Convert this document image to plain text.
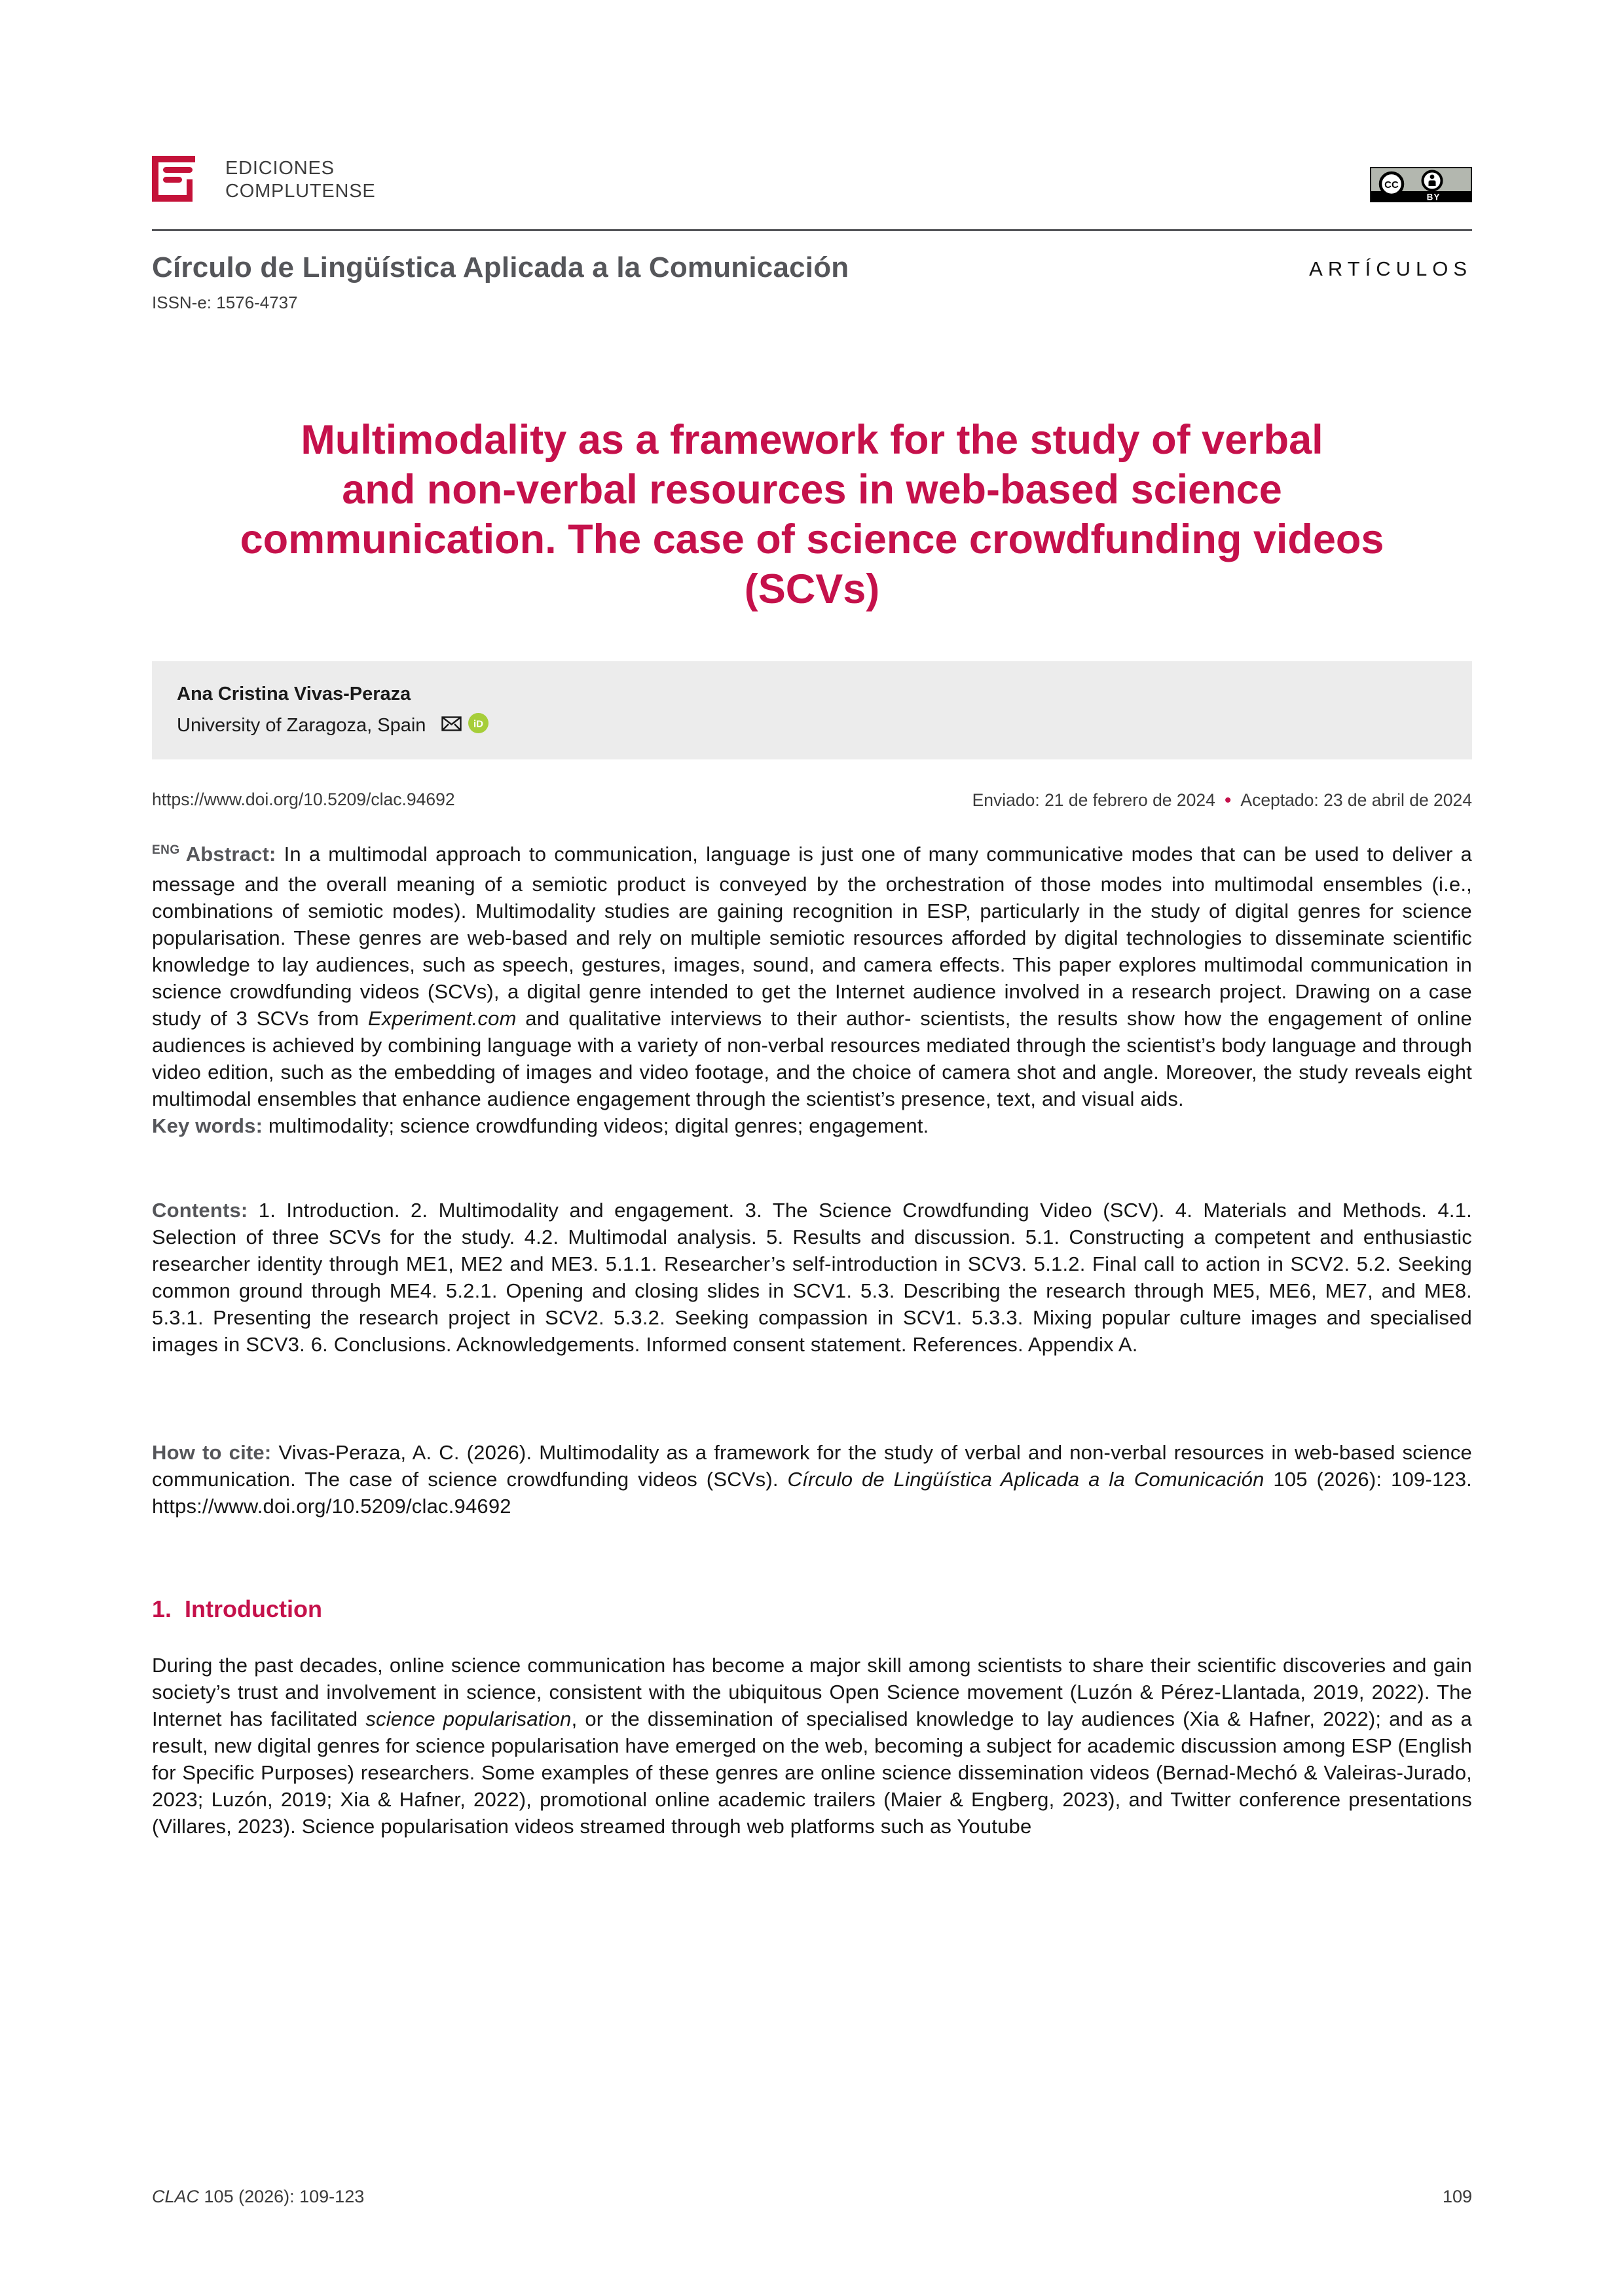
EDICIONES
COMPLUTENSE	CC
BY
Círculo de Lingüística Aplicada a la Comunicación
ISSN-e: 1576-4737
ARTÍCULOS
Multimodality as a framework for the study of verbal
and non-verbal resources in web-based science
communication. The case of science crowdfunding videos
(SCVs)
Ana Cristina Vivas-Peraza
University of Zaragoza, Spain	iD
https://www.doi.org/10.5209/clac.94692	Enviado: 21 de febrero de 2024 • Aceptado: 23 de abril de 2024
$^{ENG}$ Abstract: In a multimodal approach to communication, language is just one of many communicative modes that can be used to deliver a message and the overall meaning of a semiotic product is conveyed by the orchestration of those modes into multimodal ensembles (i.e., combinations of semiotic modes). Multimodality studies are gaining recognition in ESP, particularly in the study of digital genres for science popularisation. These genres are web-based and rely on multiple semiotic resources afforded by digital technologies to disseminate scientific knowledge to lay audiences, such as speech, gestures, images, sound, and camera effects. This paper explores multimodal communication in science crowdfunding videos (SCVs), a digital genre intended to get the Internet audience involved in a research project. Drawing on a case study of 3 SCVs from Experiment.com and qualitative interviews to their author- scientists, the results show how the engagement of online audiences is achieved by combining language with a variety of non-verbal resources mediated through the scientist’s body language and through video edition, such as the embedding of images and video footage, and the choice of camera shot and angle. Moreover, the study reveals eight multimodal ensembles that enhance audience engagement through the scientist’s presence, text, and visual aids.
Key words: multimodality; science crowdfunding videos; digital genres; engagement.
Contents: 1. Introduction. 2. Multimodality and engagement. 3. The Science Crowdfunding Video (SCV). 4. Materials and Methods. 4.1. Selection of three SCVs for the study. 4.2. Multimodal analysis. 5. Results and discussion. 5.1. Constructing a competent and enthusiastic researcher identity through ME1, ME2 and ME3. 5.1.1. Researcher’s self-introduction in SCV3. 5.1.2. Final call to action in SCV2. 5.2. Seeking common ground through ME4. 5.2.1. Opening and closing slides in SCV1. 5.3. Describing the research through ME5, ME6, ME7, and ME8. 5.3.1. Presenting the research project in SCV2. 5.3.2. Seeking compassion in SCV1. 5.3.3. Mixing popular culture images and specialised images in SCV3. 6. Conclusions. Acknowledgements. Informed consent statement. References. Appendix A.
How to cite: Vivas-Peraza, A. C. (2026). Multimodality as a framework for the study of verbal and non-verbal resources in web-based science communication. The case of science crowdfunding videos (SCVs). Círculo de Lingüística Aplicada a la Comunicación 105 (2026): 109-123. https://www.doi.org/10.5209/clac.94692
1. Introduction
During the past decades, online science communication has become a major skill among scientists to share their scientific discoveries and gain society’s trust and involvement in science, consistent with the ubiquitous Open Science movement (Luzón & Pérez-Llantada, 2019, 2022). The Internet has facilitated science popularisation, or the dissemination of specialised knowledge to lay audiences (Xia & Hafner, 2022); and as a result, new digital genres for science popularisation have emerged on the web, becoming a subject for academic discussion among ESP (English for Specific Purposes) researchers. Some examples of these genres are online science dissemination videos (Bernad-Mechó & Valeiras-Jurado, 2023; Luzón, 2019; Xia & Hafner, 2022), promotional online academic trailers (Maier & Engberg, 2023), and Twitter conference presentations (Villares, 2023). Science popularisation videos streamed through web platforms such as Youtube
CLAC 105 (2026): 109-123	109
